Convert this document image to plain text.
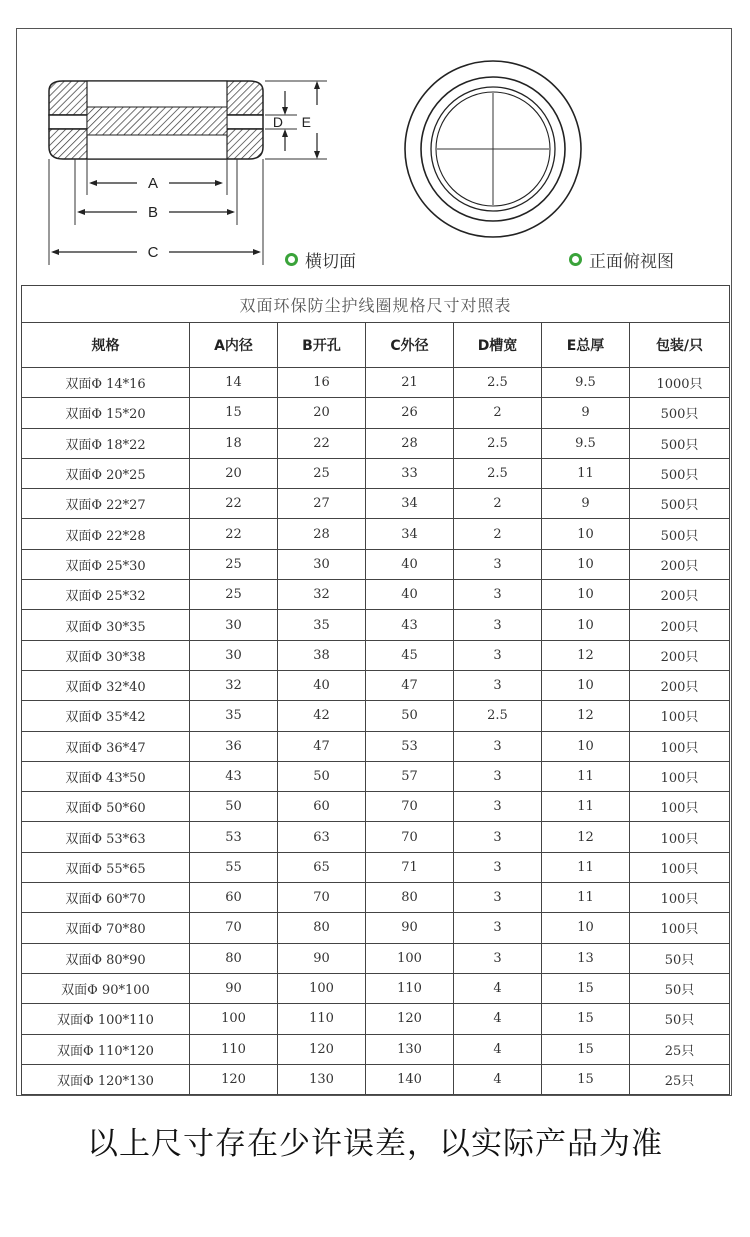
A
B
C
D E
横切面	正面俯视图
双面环保防尘护线圈规格尺寸对照表						
规格	A内径	B开孔	C外径	D槽宽	E总厚	包装/只
双面Φ 14*16	14	16	21	2.5	9.5	1000只
双面Φ 15*20	15	20	26	2	9	500只
双面Φ 18*22	18	22	28	2.5	9.5	500只
双面Φ 20*25	20	25	33	2.5	11	500只
双面Φ 22*27	22	27	34	2	9	500只
双面Φ 22*28	22	28	34	2	10	500只
双面Φ 25*30	25	30	40	3	10	200只
双面Φ 25*32	25	32	40	3	10	200只
双面Φ 30*35	30	35	43	3	10	200只
双面Φ 30*38	30	38	45	3	12	200只
双面Φ 32*40	32	40	47	3	10	200只
双面Φ 35*42	35	42	50	2.5	12	100只
双面Φ 36*47	36	47	53	3	10	100只
双面Φ 43*50	43	50	57	3	11	100只
双面Φ 50*60	50	60	70	3	11	100只
双面Φ 53*63	53	63	70	3	12	100只
双面Φ 55*65	55	65	71	3	11	100只
双面Φ 60*70	60	70	80	3	11	100只
双面Φ 70*80	70	80	90	3	10	100只
双面Φ 80*90	80	90	100	3	13	50只
双面Φ 90*100	90	100	110	4	15	50只
双面Φ 100*110	100	110	120	4	15	50只
双面Φ 110*120	110	120	130	4	15	25只
双面Φ 120*130	120	130	140	4	15	25只
以上尺寸存在少许误差，以实际产品为准
